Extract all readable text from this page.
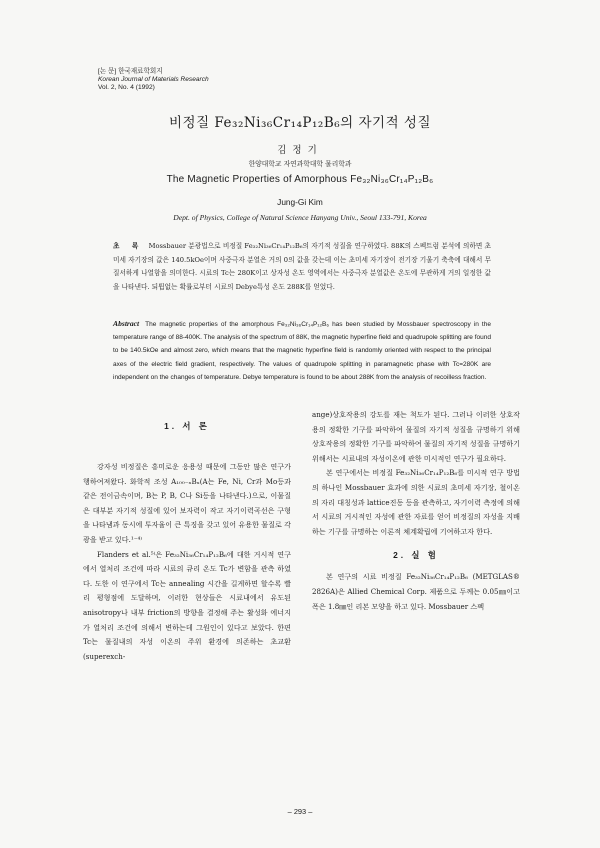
[논 문] 한국재료학회지
Korean Journal of Materials Research
Vol. 2, No. 4 (1992)
비정질 Fe₃₂Ni₃₆Cr₁₄P₁₂B₆의 자기적 성질
김정기
한양대학교 자연과학대학 물리학과
The Magnetic Properties of Amorphous Fe₃₂Ni₃₆Cr₁₄P₁₂B₆
Jung-Gi Kim
Dept. of Physics, College of Natural Science Hanyang Univ., Seoul 133-791, Korea
초 록 Mossbauer 분광법으로 비정질 Fe₃₂Ni₃₆Cr₁₄P₁₂B₆의 자기적 성질을 연구하였다. 88K의 스펙트럼 분석에 의하면 초미세 자기장의 값은 140.5kOe이며 사중극자 분열은 거의 0의 값을 갖는데 이는 초미세 자기장이 전기장 기울기 축축에 대해서 무질서하게 나열함을 의미한다. 시료의 Tc는 280K이고 상자성 온도 영역에서는 사중극자 분열값은 온도에 무관하게 거의 일정한 값을 나타낸다. 되튐없는 확률로부터 시료의 Debye특성 온도 288K를 얻었다.
Abstract The magnetic properties of the amorphous Fe₃₂Ni₃₆Cr₁₄P₁₂B₆ has been studied by Mossbauer spectroscopy in the temperature range of 88-400K. The analysis of the spectrum of 88K, the magnetic hyperfine field and quadrupole splitting are found to be 140.5kOe and almost zero, which means that the magnetic hyperfine field is randomly oriented with respect to the principal axes of the electric field gradient, respectively. The values of quadrupole splitting in paramagnetic phase with Tc=280K are independent on the changes of temperature. Debye temperature is found to be about 288K from the analysis of recoilless fraction.
1. 서 론

강자성 비정질은 흥미로운 응용성 때문에 그동안 많은 연구가 행하여져왔다. 화학적 조성 A₁₀₀₋ₓBₓ(A는 Fe, Ni, Cr과 Mo등과 같은 전이금속이며, B는 P, B, C나 Si등을 나타낸다.)으로, 이물질은 대부분 자기적 성질에 있어 보자력이 작고 자기이력곡선은 구형을 나타냄과 동시에 투자율이 큰 특징을 갖고 있어 유용한 물질로 각광을 받고 있다.¹⁻⁴⁾

Flanders et al.⁵⁾은 Fe₃₂Ni₃₆Cr₁₄P₁₂B₆에 대한 거시적 연구에서 열처리 조건에 따라 시료의 큐리 온도 Tc가 변함을 관측 하였다. 도한 이 연구에서 Tc는 annealing 시간을 길게하면 할수록 빨리 평형점에 도달하며, 이러한 현상들은 시료내에서 유도된 anisotropy나 내부 friction의 방향을 결정해 주는 활성화 에너지가 열처리 조건에 의해서 변하는데 그원인이 있다고 보았다. 한편 Tc는 물질내의 자성 이온의 주위 환경에 의존하는 초교환(superexch-

ange)상호작용의 강도를 재는 척도가 된다. 그러나 이러한 상호작용의 정확한 기구를 파악하여 물질의 자기적 성질을 규명하기 위해 상호작용의 정확한 기구를 파악하여 물질의 자기적 성질을 규명하기 위해서는 시료내의 자성이온에 관한 미시적인 연구가 필요하다.

본 연구에서는 비정질 Fe₃₂Ni₃₆Cr₁₄P₁₂B₆를 미시적 연구 방법의 하나인 Mossbauer 효과에 의한 시료의 초미세 자기장, 철이온의 자리 대칭성과 lattice진동 등을 관측하고, 자기이력 측정에 의해서 시료의 거시적인 자성에 관한 자료를 얻어 비정질의 자성을 지배하는 기구를 규명하는 이론적 체계확립에 기여하고자 한다.

2. 실 험

본 연구의 시료 비정질 Fe₃₂Ni₃₆Cr₁₄P₁₂B₆ (METGLAS® 2826A)은 Allied Chemical Corp. 제품으로 두께는 0.05㎜이고 폭은 1.8㎜인 리본 모양을 하고 있다. Mossbauer 스펙

– 293 –
